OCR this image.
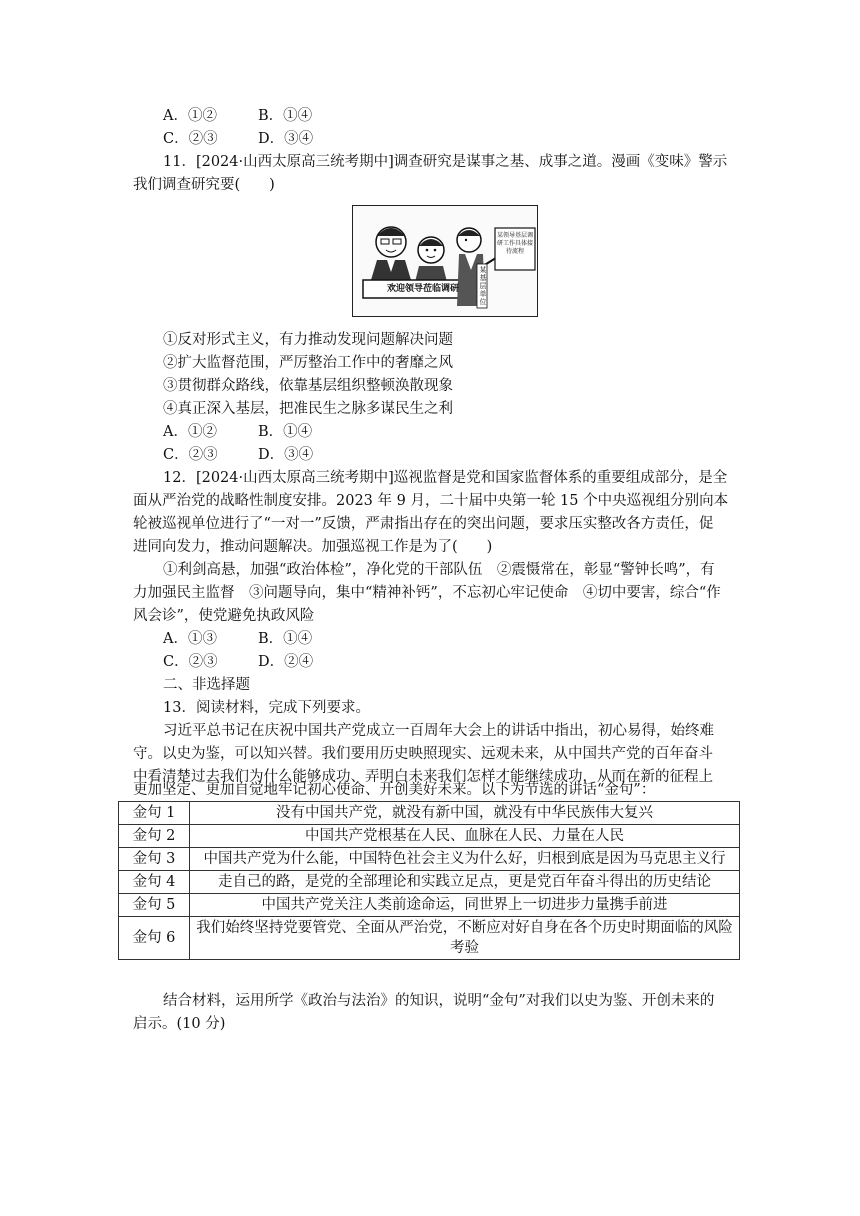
A．①②	B．①④
C．②③	D．③④
11．[2024·山西太原高三统考期中]调查研究是谋事之基、成事之道。漫画《变味》警示
我们调查研究要(　　)
欢迎领导莅临调研
某领导基层调研工作具体接待流程
某基层单位
①反对形式主义，有力推动发现问题解决问题
②扩大监督范围，严厉整治工作中的奢靡之风
③贯彻群众路线，依靠基层组织整顿涣散现象
④真正深入基层，把准民生之脉多谋民生之利
A．①②	B．①④
C．②③	D．③④
12．[2024·山西太原高三统考期中]巡视监督是党和国家监督体系的重要组成部分，是全
面从严治党的战略性制度安排。2023 年 9 月，二十届中央第一轮 15 个中央巡视组分别向本
轮被巡视单位进行了“一对一”反馈，严肃指出存在的突出问题，要求压实整改各方责任，促
进同向发力，推动问题解决。加强巡视工作是为了(　　)
①利剑高悬，加强“政治体检”，净化党的干部队伍　②震慑常在，彰显“警钟长鸣”，有
力加强民主监督　③问题导向，集中“精神补钙”，不忘初心牢记使命　④切中要害，综合“作
风会诊”，使党避免执政风险
A．①③	B．①④
C．②③	D．②④
二、非选择题
13．阅读材料，完成下列要求。
习近平总书记在庆祝中国共产党成立一百周年大会上的讲话中指出，初心易得，始终难
守。以史为鉴，可以知兴替。我们要用历史映照现实、远观未来，从中国共产党的百年奋斗
中看清楚过去我们为什么能够成功、弄明白未来我们怎样才能继续成功，从而在新的征程上
更加坚定、更加自觉地牢记初心使命、开创美好未来。以下为节选的讲话“金句”：
金句 1	没有中国共产党，就没有新中国，就没有中华民族伟大复兴
金句 2	中国共产党根基在人民、血脉在人民、力量在人民
金句 3	中国共产党为什么能，中国特色社会主义为什么好，归根到底是因为马克思主义行
金句 4	走自己的路，是党的全部理论和实践立足点，更是党百年奋斗得出的历史结论
金句 5	中国共产党关注人类前途命运，同世界上一切进步力量携手前进
金句 6	我们始终坚持党要管党、全面从严治党，不断应对好自身在各个历史时期面临的风险考验
结合材料，运用所学《政治与法治》的知识，说明“金句”对我们以史为鉴、开创未来的
启示。(10 分)
